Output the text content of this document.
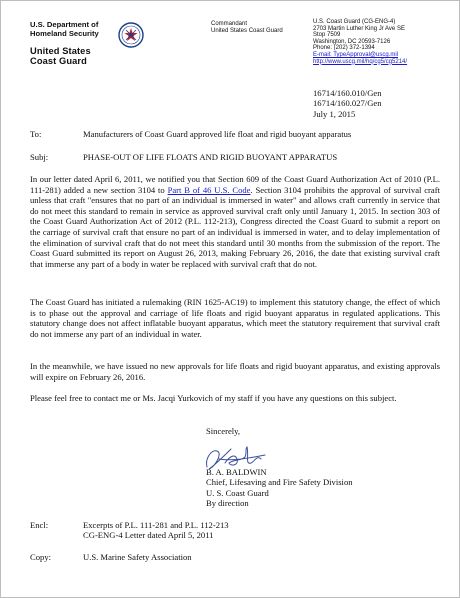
U.S. Department of
Homeland Security
United States
Coast Guard
Commandant
United States Coast Guard
U.S. Coast Guard (CG-ENG-4)
2703 Martin Luther King Jr Ave SE
Stop 7509
Washington, DC 20593-7126
Phone: (202) 372-1394
E-mail: TypeApproval@uscg.mil
http://www.uscg.mil/hq/cg5/cg5214/
16714/160.010/Gen
16714/160.027/Gen
July 1, 2015
To:	Manufacturers of Coast Guard approved life float and rigid buoyant apparatus
Subj:	PHASE-OUT OF LIFE FLOATS AND RIGID BUOYANT APPARATUS

In our letter dated April 6, 2011, we notified you that Section 609 of the Coast Guard Authorization Act of 2010 (P.L. 111-281) added a new section 3104 to Part B of 46 U.S. Code. Section 3104 prohibits the approval of survival craft unless that craft "ensures that no part of an individual is immersed in water" and allows craft currently in service that do not meet this standard to remain in service as approved survival craft only until January 1, 2015. In section 303 of the Coast Guard Authorization Act of 2012 (P.L. 112-213), Congress directed the Coast Guard to submit a report on the carriage of survival craft that ensure no part of an individual is immersed in water, and to delay implementation of the elimination of survival craft that do not meet this standard until 30 months from the submission of the report. The Coast Guard submitted its report on August 26, 2013, making February 26, 2016, the date that existing survival craft that immerse any part of a body in water be replaced with survival craft that do not.

The Coast Guard has initiated a rulemaking (RIN 1625-AC19) to implement this statutory change, the effect of which is to phase out the approval and carriage of life floats and rigid buoyant apparatus in regulated applications. This statutory change does not affect inflatable buoyant apparatus, which meet the statutory requirement that survival craft do not immerse any part of an individual in water.

In the meanwhile, we have issued no new approvals for life floats and rigid buoyant apparatus, and existing approvals will expire on February 26, 2016.

Please feel free to contact me or Ms. Jacqi Yurkovich of my staff if you have any questions on this subject.

Sincerely,
B. A. BALDWIN
Chief, Lifesaving and Fire Safety Division
U. S. Coast Guard
By direction
Encl:	Excerpts of P.L. 111-281 and P.L. 112-213
CG-ENG-4 Letter dated April 5, 2011
Copy:	U.S. Marine Safety Association
